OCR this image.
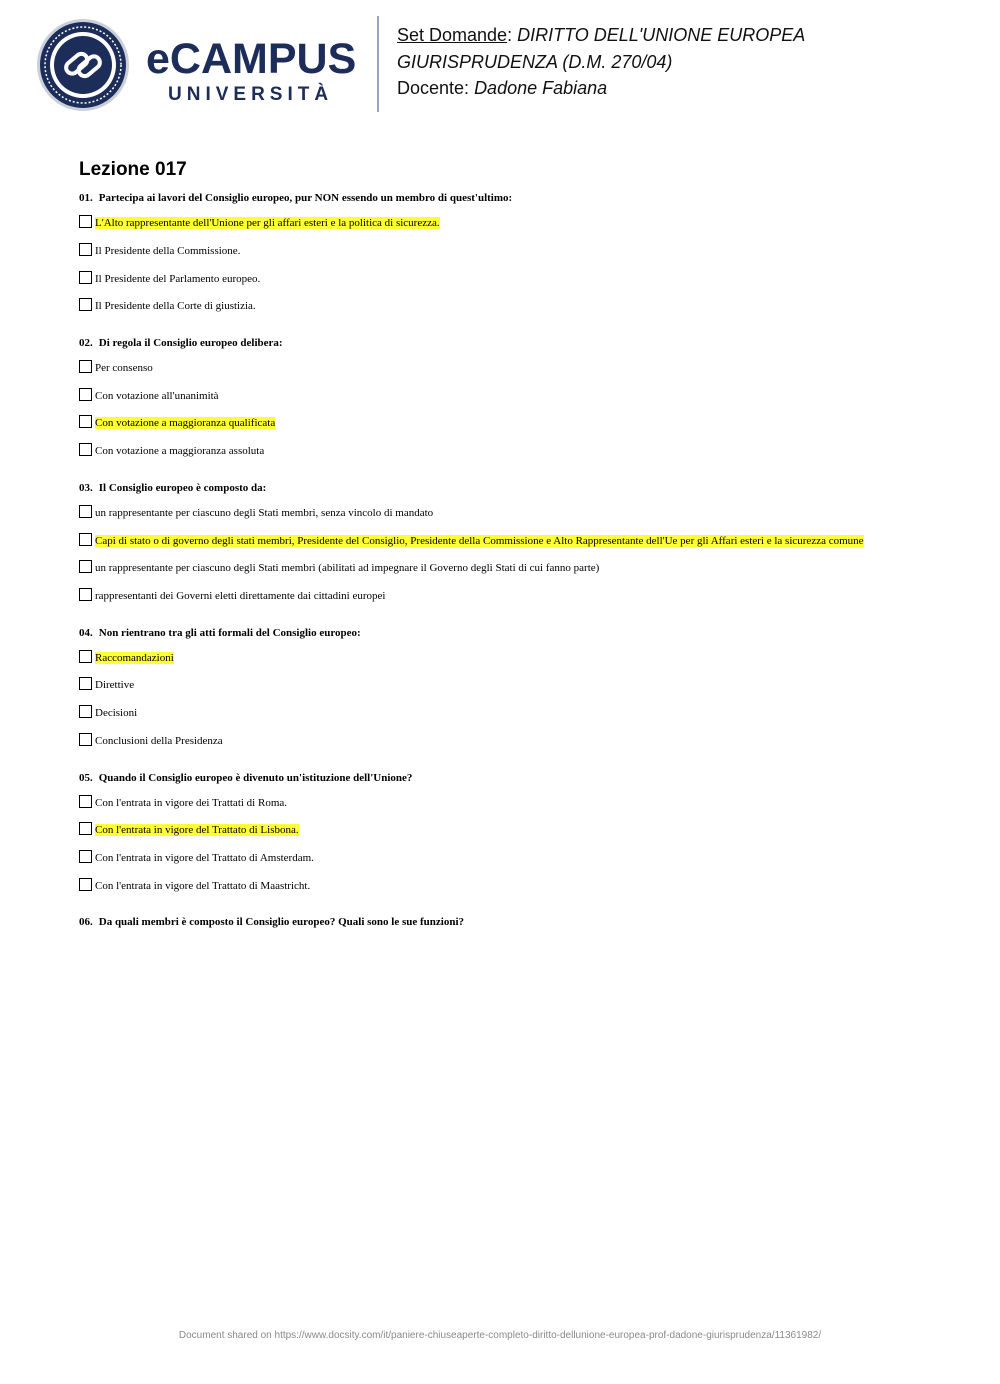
eCAMPUS
UNIVERSITÀ
Set Domande: DIRITTO DELL'UNIONE EUROPEA
GIURISPRUDENZA (D.M. 270/04)
Docente: Dadone Fabiana
Lezione 017
01. Partecipa ai lavori del Consiglio europeo, pur NON essendo un membro di quest'ultimo:
L'Alto rappresentante dell'Unione per gli affari esteri e la politica di sicurezza.
Il Presidente della Commissione.
Il Presidente del Parlamento europeo.
Il Presidente della Corte di giustizia.
02. Di regola il Consiglio europeo delibera:
Per consenso
Con votazione all'unanimità
Con votazione a maggioranza qualificata
Con votazione a maggioranza assoluta
03. Il Consiglio europeo è composto da:
un rappresentante per ciascuno degli Stati membri, senza vincolo di mandato
Capi di stato o di governo degli stati membri, Presidente del Consiglio, Presidente della Commissione e Alto Rappresentante dell'Ue per gli Affari esteri e la sicurezza comune
un rappresentante per ciascuno degli Stati membri (abilitati ad impegnare il Governo degli Stati di cui fanno parte)
rappresentanti dei Governi eletti direttamente dai cittadini europei
04. Non rientrano tra gli atti formali del Consiglio europeo:
Raccomandazioni
Direttive
Decisioni
Conclusioni della Presidenza
05. Quando il Consiglio europeo è divenuto un'istituzione dell'Unione?
Con l'entrata in vigore dei Trattati di Roma.
Con l'entrata in vigore del Trattato di Lisbona.
Con l'entrata in vigore del Trattato di Amsterdam.
Con l'entrata in vigore del Trattato di Maastricht.
06. Da quali membri è composto il Consiglio europeo? Quali sono le sue funzioni?
Document shared on https://www.docsity.com/it/paniere-chiuseaperte-completo-diritto-dellunione-europea-prof-dadone-giurisprudenza/11361982/
